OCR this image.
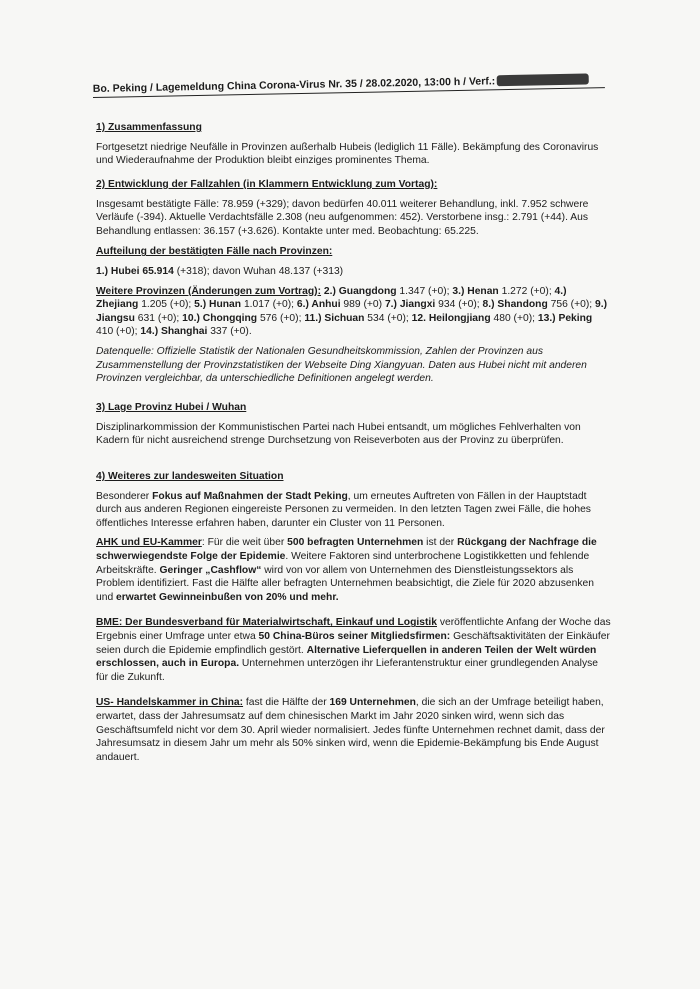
Bo. Peking / Lagemeldung China Corona-Virus Nr. 35 / 28.02.2020, 13:00 h / Verf.:

1) Zusammenfassung

Fortgesetzt niedrige Neufälle in Provinzen außerhalb Hubeis (lediglich 11 Fälle). Bekämpfung des Coronavirus und Wiederaufnahme der Produktion bleibt einziges prominentes Thema.

2) Entwicklung der Fallzahlen (in Klammern Entwicklung zum Vortag):

Insgesamt bestätigte Fälle: 78.959 (+329); davon bedürfen 40.011 weiterer Behandlung, inkl. 7.952 schwere Verläufe (-394). Aktuelle Verdachtsfälle 2.308 (neu aufgenommen: 452). Verstorbene insg.: 2.791 (+44). Aus Behandlung entlassen: 36.157 (+3.626). Kontakte unter med. Beobachtung: 65.225.

Aufteilung der bestätigten Fälle nach Provinzen:

1.) Hubei 65.914 (+318); davon Wuhan 48.137 (+313)

Weitere Provinzen (Änderungen zum Vortrag): 2.) Guangdong 1.347 (+0); 3.) Henan 1.272 (+0); 4.) Zhejiang 1.205 (+0); 5.) Hunan 1.017 (+0); 6.) Anhui 989 (+0) 7.) Jiangxi 934 (+0); 8.) Shandong 756 (+0); 9.) Jiangsu 631 (+0); 10.) Chongqing 576 (+0); 11.) Sichuan 534 (+0); 12. Heilongjiang 480 (+0); 13.) Peking 410 (+0); 14.) Shanghai 337 (+0).

Datenquelle: Offizielle Statistik der Nationalen Gesundheitskommission, Zahlen der Provinzen aus Zusammenstellung der Provinzstatistiken der Webseite Ding Xiangyuan. Daten aus Hubei nicht mit anderen Provinzen vergleichbar, da unterschiedliche Definitionen angelegt werden.

3) Lage Provinz Hubei / Wuhan

Disziplinarkommission der Kommunistischen Partei nach Hubei entsandt, um mögliches Fehlverhalten von Kadern für nicht ausreichend strenge Durchsetzung von Reiseverboten aus der Provinz zu überprüfen.

4) Weiteres zur landesweiten Situation

Besonderer Fokus auf Maßnahmen der Stadt Peking, um erneutes Auftreten von Fällen in der Hauptstadt durch aus anderen Regionen eingereiste Personen zu vermeiden. In den letzten Tagen zwei Fälle, die hohes öffentliches Interesse erfahren haben, darunter ein Cluster von 11 Personen.

AHK und EU-Kammer: Für die weit über 500 befragten Unternehmen ist der Rückgang der Nachfrage die schwerwiegendste Folge der Epidemie. Weitere Faktoren sind unterbrochene Logistikketten und fehlende Arbeitskräfte. Geringer „Cashflow“ wird von vor allem von Unternehmen des Dienstleistungssektors als Problem identifiziert. Fast die Hälfte aller befragten Unternehmen beabsichtigt, die Ziele für 2020 abzusenken und erwartet Gewinneinbußen von 20% und mehr.

BME: Der Bundesverband für Materialwirtschaft, Einkauf und Logistik veröffentlichte Anfang der Woche das Ergebnis einer Umfrage unter etwa 50 China-Büros seiner Mitgliedsfirmen: Geschäftsaktivitäten der Einkäufer seien durch die Epidemie empfindlich gestört. Alternative Lieferquellen in anderen Teilen der Welt würden erschlossen, auch in Europa. Unternehmen unterzögen ihr Lieferantenstruktur einer grundlegenden Analyse für die Zukunft.

US- Handelskammer in China: fast die Hälfte der 169 Unternehmen, die sich an der Umfrage beteiligt haben, erwartet, dass der Jahresumsatz auf dem chinesischen Markt im Jahr 2020 sinken wird, wenn sich das Geschäftsumfeld nicht vor dem 30. April wieder normalisiert. Jedes fünfte Unternehmen rechnet damit, dass der Jahresumsatz in diesem Jahr um mehr als 50% sinken wird, wenn die Epidemie-Bekämpfung bis Ende August andauert.
